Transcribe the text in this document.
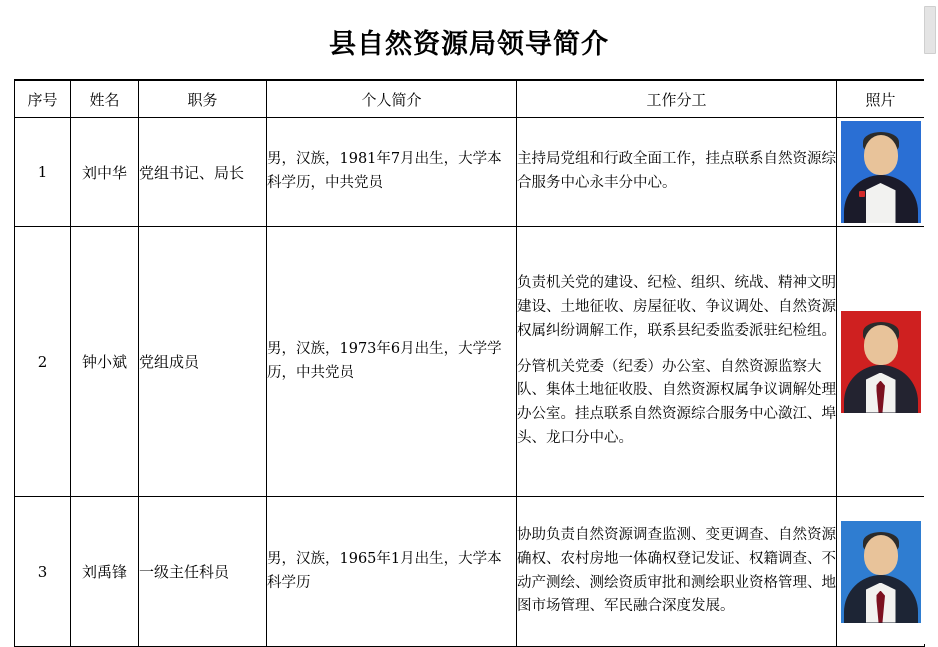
县自然资源局领导简介
序号	姓名	职务	个人简介	工作分工	照片
1	刘中华	党组书记、局长	男，汉族，1981年7月出生，大学本科学历，中共党员	主持局党组和行政全面工作，挂点联系自然资源综合服务中心永丰分中心。	

2	钟小斌	党组成员	男，汉族，1973年6月出生，大学学历，中共党员	负责机关党的建设、纪检、组织、统战、精神文明建设、土地征收、房屋征收、争议调处、自然资源权属纠纷调解工作，联系县纪委监委派驻纪检组。

分管机关党委（纪委）办公室、自然资源监察大队、集体土地征收股、自然资源权属争议调解处理办公室。挂点联系自然资源综合服务中心潋江、埠头、龙口分中心。	

3	刘禹锋	一级主任科员	男，汉族，1965年1月出生，大学本科学历	协助负责自然资源调查监测、变更调查、自然资源确权、农村房地一体确权登记发证、权籍调查、不动产测绘、测绘资质审批和测绘职业资格管理、地图市场管理、军民融合深度发展。	
